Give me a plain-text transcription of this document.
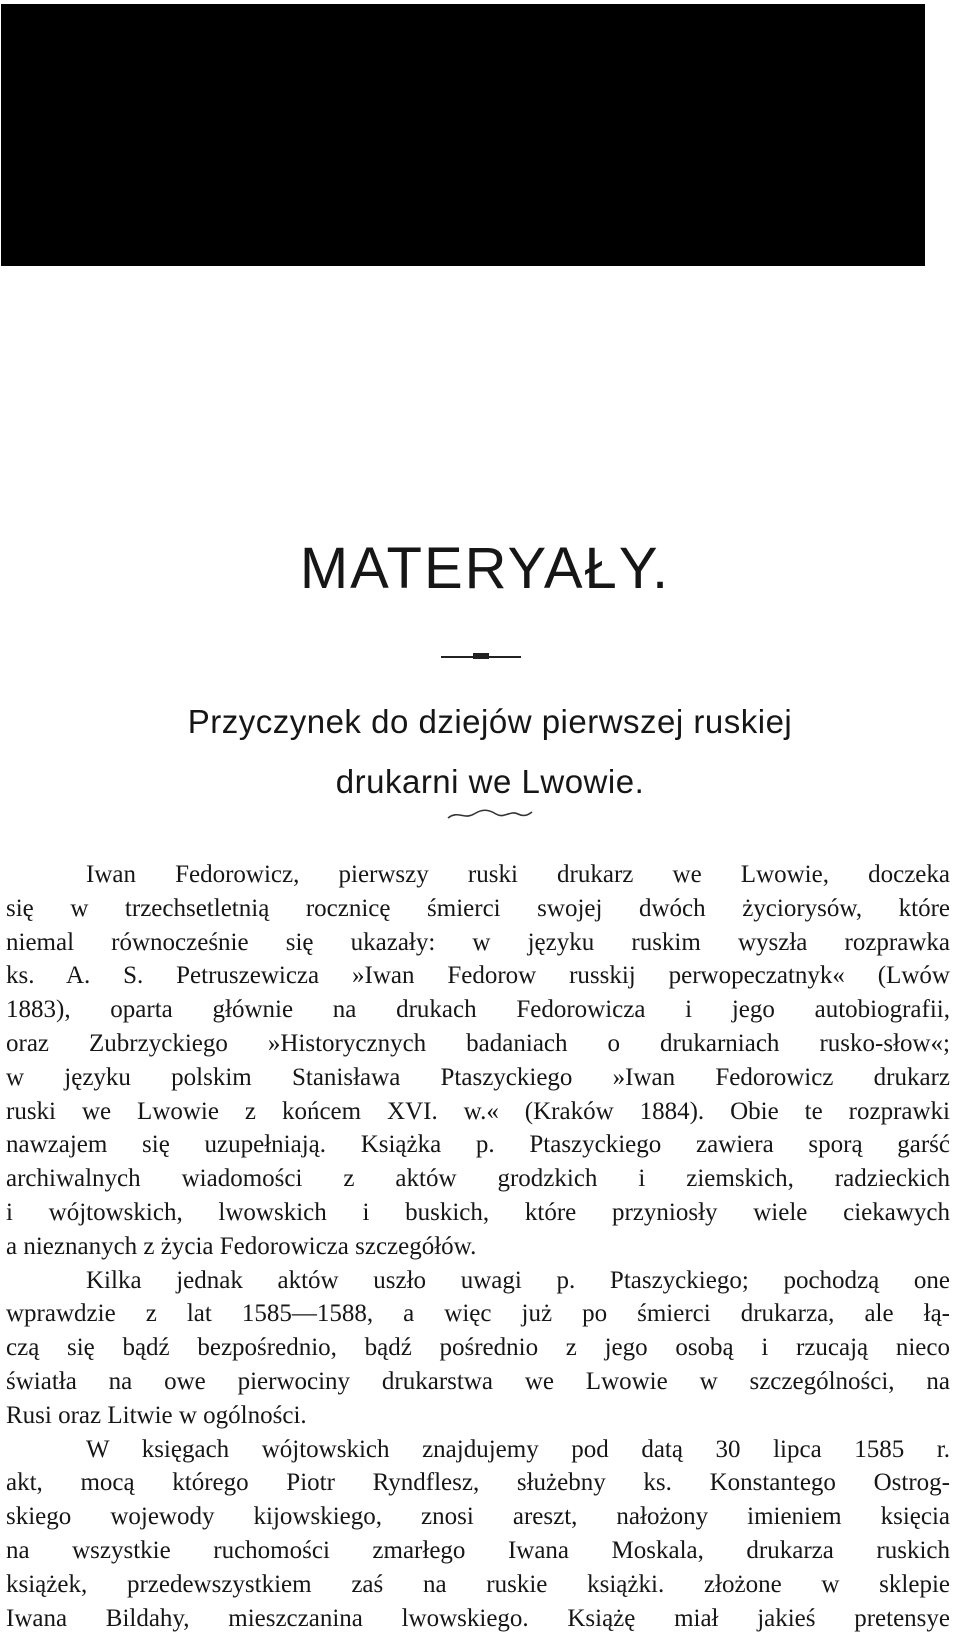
MATERYAŁY.
Przyczynek do dziejów pierwszej ruskiej
drukarni we Lwowie.
Iwan Fedorowicz, pierwszy ruski drukarz we Lwowie, doczeka
się w trzechsetletnią rocznicę śmierci swojej dwóch życiorysów, które
niemal równocześnie się ukazały: w języku ruskim wyszła rozprawka
ks. A. S. Petruszewicza »Iwan Fedorow russkij perwopeczatnyk« (Lwów
1883), oparta głównie na drukach Fedorowicza i jego autobiografii,
oraz Zubrzyckiego »Historycznych badaniach o drukarniach rusko-słow«;
w języku polskim Stanisława Ptaszyckiego »Iwan Fedorowicz drukarz
ruski we Lwowie z końcem XVI. w.« (Kraków 1884). Obie te rozprawki
nawzajem się uzupełniają. Książka p. Ptaszyckiego zawiera sporą garść
archiwalnych wiadomości z aktów grodzkich i ziemskich, radzieckich
i wójtowskich, lwowskich i buskich, które przyniosły wiele ciekawych
a nieznanych z życia Fedorowicza szczegółów.
Kilka jednak aktów uszło uwagi p. Ptaszyckiego; pochodzą one
wprawdzie z lat 1585—1588, a więc już po śmierci drukarza, ale łą-
czą się bądź bezpośrednio, bądź pośrednio z jego osobą i rzucają nieco
światła na owe pierwociny drukarstwa we Lwowie w szczególności, na
Rusi oraz Litwie w ogólności.
W księgach wójtowskich znajdujemy pod datą 30 lipca 1585 r.
akt, mocą którego Piotr Ryndflesz, służebny ks. Konstantego Ostrog-
skiego wojewody kijowskiego, znosi areszt, nałożony imieniem księcia
na wszystkie ruchomości zmarłego Iwana Moskala, drukarza ruskich
książek, przedewszystkiem zaś na ruskie książki. złożone w sklepie
Iwana Bildahy, mieszczanina lwowskiego. Książę miał jakieś pretensye
